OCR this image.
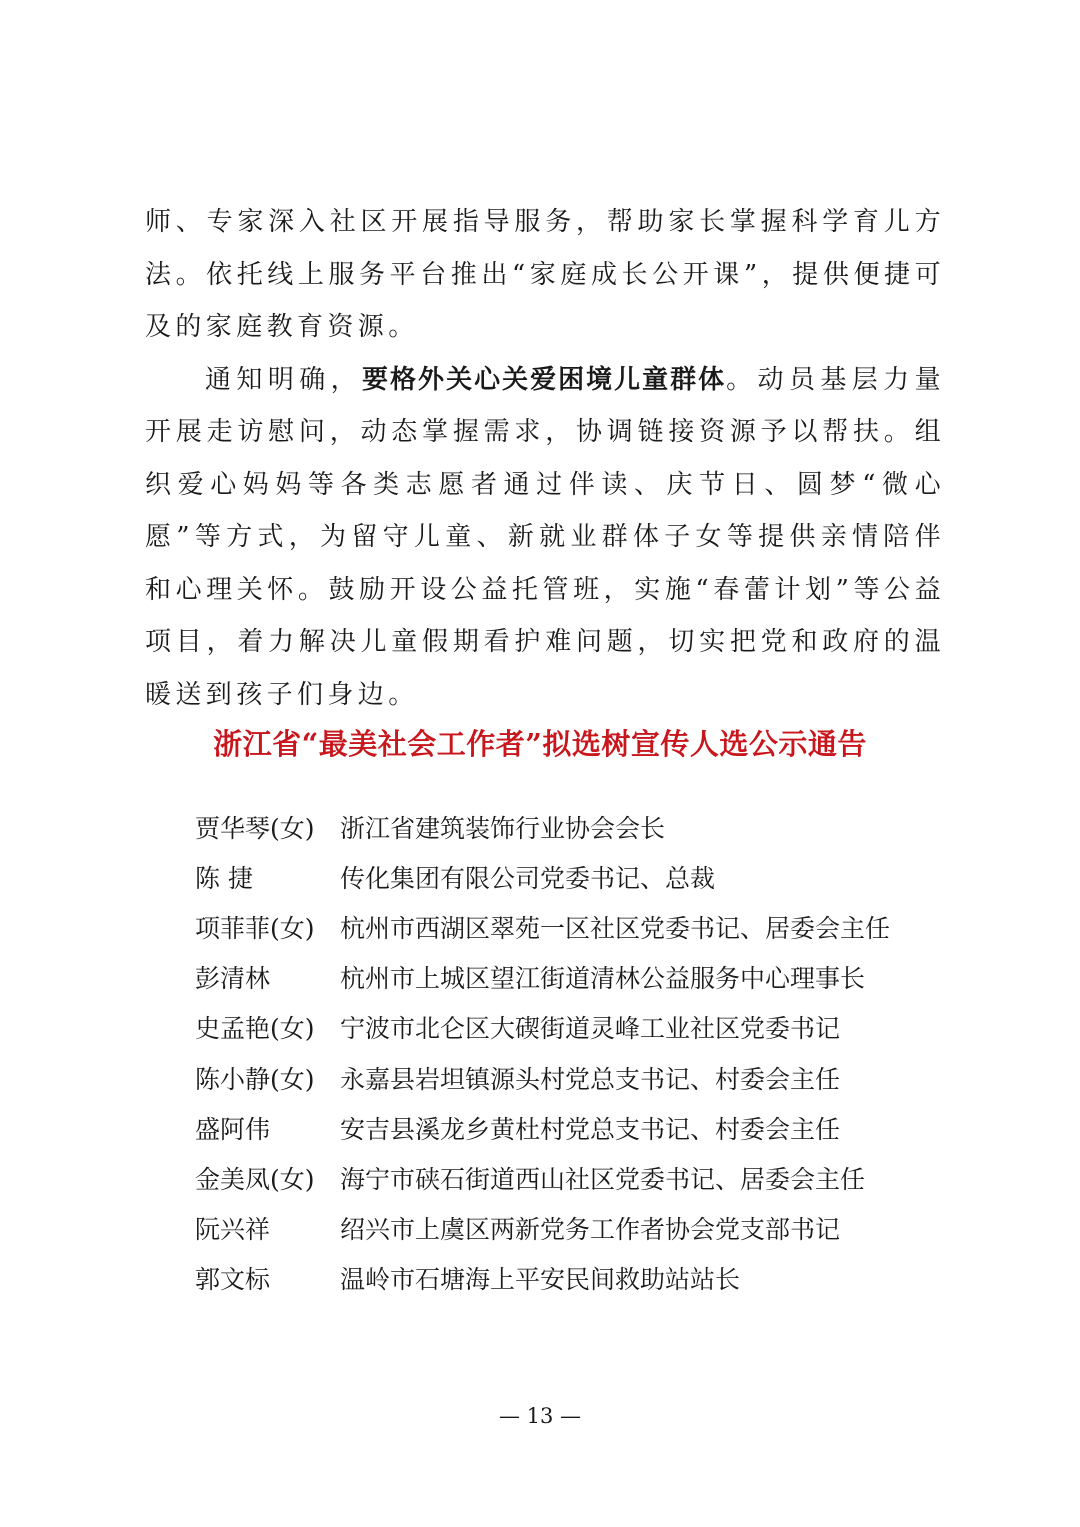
师、专家深入社区开展指导服务，帮助家长掌握科学育儿方法。依托线上服务平台推出“家庭成长公开课”，提供便捷可及的家庭教育资源。

通知明确，要格外关心关爱困境儿童群体。动员基层力量开展走访慰问，动态掌握需求，协调链接资源予以帮扶。组织爱心妈妈等各类志愿者通过伴读、庆节日、圆梦“微心愿”等方式，为留守儿童、新就业群体子女等提供亲情陪伴和心理关怀。鼓励开设公益托管班，实施“春蕾计划”等公益项目，着力解决儿童假期看护难问题，切实把党和政府的温暖送到孩子们身边。

浙江省“最美社会工作者”拟选树宣传人选公示通告
贾华琴(女)	浙江省建筑装饰行业协会会长
陈 捷	传化集团有限公司党委书记、总裁
项菲菲(女)	杭州市西湖区翠苑一区社区党委书记、居委会主任
彭清林	杭州市上城区望江街道清林公益服务中心理事长
史孟艳(女)	宁波市北仑区大碶街道灵峰工业社区党委书记
陈小静(女)	永嘉县岩坦镇源头村党总支书记、村委会主任
盛阿伟	安吉县溪龙乡黄杜村党总支书记、村委会主任
金美凤(女)	海宁市硖石街道西山社区党委书记、居委会主任
阮兴祥	绍兴市上虞区两新党务工作者协会党支部书记
郭文标	温岭市石塘海上平安民间救助站站长
— 13 —
